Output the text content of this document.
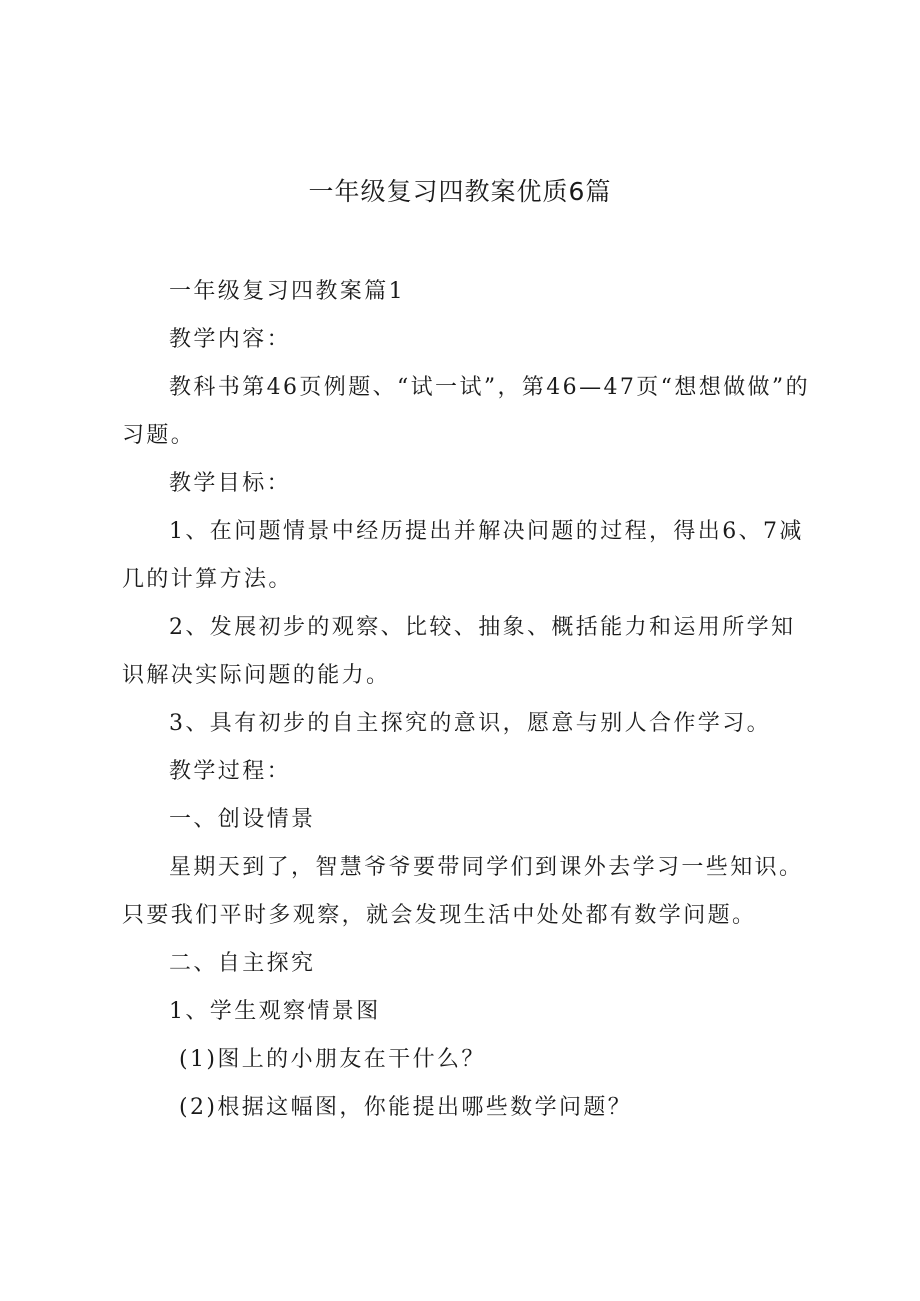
一年级复习四教案优质6篇

一年级复习四教案篇1

教学内容：

教科书第46页例题、“试一试”，第46—47页“想想做做”的习题。

教学目标：

1、在问题情景中经历提出并解决问题的过程，得出6、7减几的计算方法。

2、发展初步的观察、比较、抽象、概括能力和运用所学知识解决实际问题的能力。

3、具有初步的自主探究的意识，愿意与别人合作学习。

教学过程：

一、创设情景

星期天到了，智慧爷爷要带同学们到课外去学习一些知识。只要我们平时多观察，就会发现生活中处处都有数学问题。

二、自主探究

1、学生观察情景图

(1)图上的小朋友在干什么？

(2)根据这幅图，你能提出哪些数学问题？
